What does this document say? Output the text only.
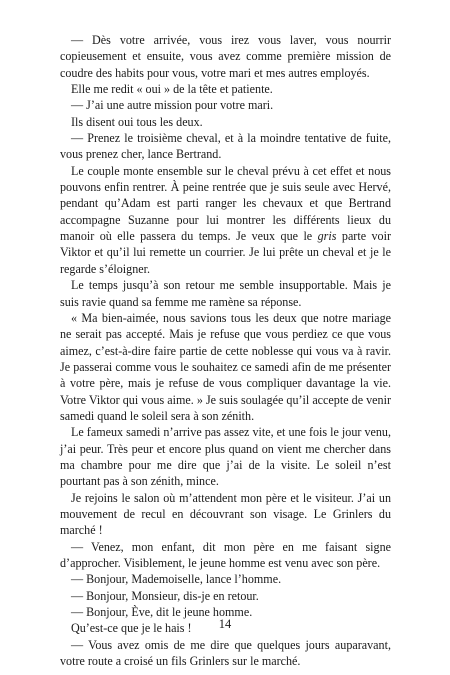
— Dès votre arrivée, vous irez vous laver, vous nourrir copieusement et ensuite, vous avez comme première mission de coudre des habits pour vous, votre mari et mes autres employés.

Elle me redit « oui » de la tête et patiente.

— J’ai une autre mission pour votre mari.

Ils disent oui tous les deux.

— Prenez le troisième cheval, et à la moindre tentative de fuite, vous prenez cher, lance Bertrand.

Le couple monte ensemble sur le cheval prévu à cet effet et nous pouvons enfin rentrer. À peine rentrée que je suis seule avec Hervé, pendant qu’Adam est parti ranger les chevaux et que Bertrand accompagne Suzanne pour lui montrer les différents lieux du manoir où elle passera du temps. Je veux que le gris parte voir Viktor et qu’il lui remette un courrier. Je lui prête un cheval et je le regarde s’éloigner.

Le temps jusqu’à son retour me semble insupportable. Mais je suis ravie quand sa femme me ramène sa réponse.

« Ma bien-aimée, nous savions tous les deux que notre mariage ne serait pas accepté. Mais je refuse que vous perdiez ce que vous aimez, c’est-à-dire faire partie de cette noblesse qui vous va à ravir. Je passerai comme vous le souhaitez ce samedi afin de me présenter à votre père, mais je refuse de vous compliquer davantage la vie. Votre Viktor qui vous aime. » Je suis soulagée qu’il accepte de venir samedi quand le soleil sera à son zénith.

Le fameux samedi n’arrive pas assez vite, et une fois le jour venu, j’ai peur. Très peur et encore plus quand on vient me chercher dans ma chambre pour me dire que j’ai de la visite. Le soleil n’est pourtant pas à son zénith, mince.

Je rejoins le salon où m’attendent mon père et le visiteur. J’ai un mouvement de recul en découvrant son visage. Le Grinlers du marché !

— Venez, mon enfant, dit mon père en me faisant signe d’approcher. Visiblement, le jeune homme est venu avec son père.

— Bonjour, Mademoiselle, lance l’homme.

— Bonjour, Monsieur, dis-je en retour.

— Bonjour, Ève, dit le jeune homme.

Qu’est-ce que je le hais !

— Vous avez omis de me dire que quelques jours auparavant, votre route a croisé un fils Grinlers sur le marché.

14
